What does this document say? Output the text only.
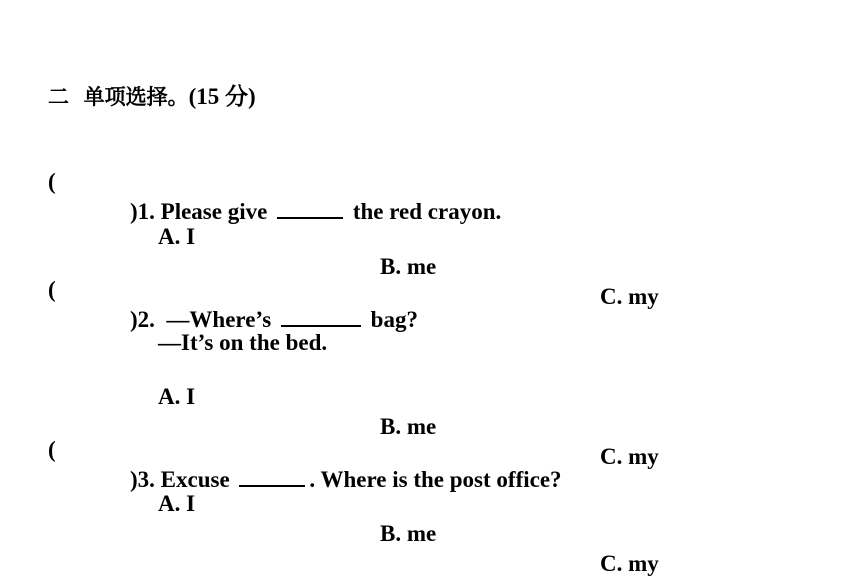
二 单项选择。(15 分)

(

)1. Please give	the red crayon.

A. I

B. me

C. my

(

)2.  —Where’s	bag?

—It’s on the bed.

A. I

B. me

C. my

(

)3. Excuse	. Where is the post office?

A. I

B. me

C. my
